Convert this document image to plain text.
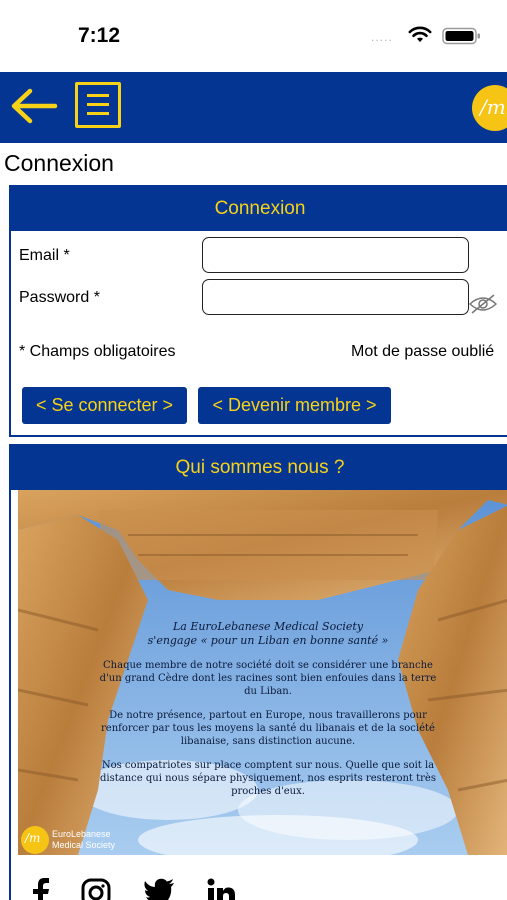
7:12	.....
/m
Connexion
Connexion
Email *
Password *
* Champs obligatoires	Mot de passe oublié
< Se connecter >	< Devenir membre >
Qui sommes nous ?

La EuroLebanese Medical Society
s'engage « pour un Liban en bonne santé »

Chaque membre de notre société doit se considérer une branche d'un grand Cèdre dont les racines sont bien enfouies dans la terre du Liban.

De notre présence, partout en Europe, nous travaillerons pour renforcer par tous les moyens la santé du libanais et de la société libanaise, sans distinction aucune.

Nos compatriotes sur place comptent sur nous. Quelle que soit la distance qui nous sépare physiquement, nos esprits resteront très proches d'eux.

/m EuroLebanese
Medical Society
